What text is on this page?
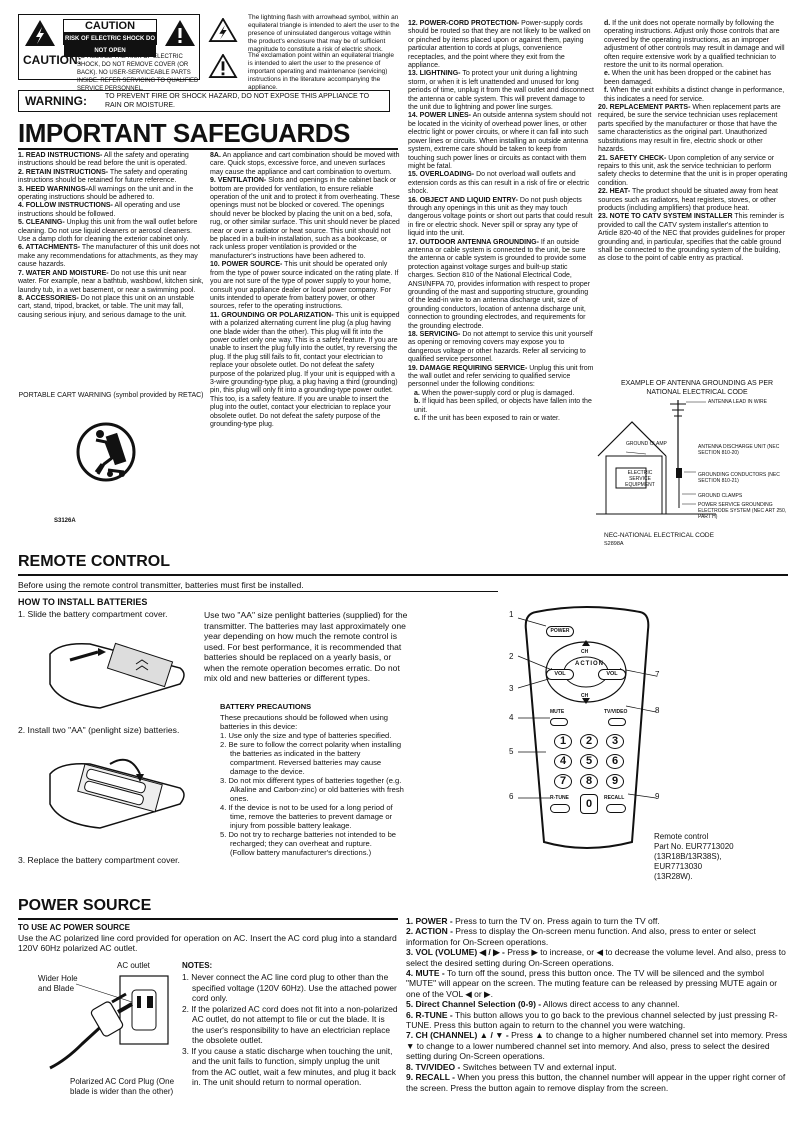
CAUTION
RISK OF ELECTRIC SHOCK DO NOT OPEN
CAUTION:
TO REDUCE THE RISK OF ELECTRIC SHOCK, DO NOT REMOVE COVER (OR BACK). NO USER-SERVICEABLE PARTS INSIDE. REFER SERVICING TO QUALIFIED SERVICE PERSONNEL.
The lightning flash with arrowhead symbol, within an equilateral triangle is intended to alert the user to the presence of uninsulated dangerous voltage within the product's enclosure that may be of sufficient magnitude to constitute a risk of electric shock.
The exclamation point within an equilateral triangle is intended to alert the user to the presence of important operating and maintenance (servicing) instructions in the literature accompanying the appliance.
WARNING:	TO PREVENT FIRE OR SHOCK HAZARD, DO NOT EXPOSE THIS APPLIANCE TO RAIN OR MOISTURE.
IMPORTANT SAFEGUARDS

1. READ INSTRUCTIONS- All the safety and operating instructions should be read before the unit is operated.

2. RETAIN INSTRUCTIONS- The safety and operating instructions should be retained for future reference.

3. HEED WARNINGS-All warnings on the unit and in the operating instructions should be adhered to.

4. FOLLOW INSTRUCTIONS- All operating and use instructions should be followed.

5. CLEANING- Unplug this unit from the wall outlet before cleaning. Do not use liquid cleaners or aerosol cleaners. Use a damp cloth for cleaning the exterior cabinet only.

6. ATTACHMENTS- The manufacturer of this unit does not make any recommendations for attachments, as they may cause hazards.

7. WATER AND MOISTURE- Do not use this unit near water. For example, near a bathtub, washbowl, kitchen sink, laundry tub, in a wet basement, or near a swimming pool.

8. ACCESSORIES- Do not place this unit on an unstable cart, stand, tripod, bracket, or table. The unit may fall, causing serious injury, and serious damage to the unit.

PORTABLE CART WARNING (symbol provided by RETAC)
S3126A

8A. An appliance and cart combination should be moved with care. Quick stops, excessive force, and uneven surfaces may cause the appliance and cart combination to overturn.

9. VENTILATION- Slots and openings in the cabinet back or bottom are provided for ventilation, to ensure reliable operation of the unit and to protect it from overheating. These openings must not be blocked or covered. The openings should never be blocked by placing the unit on a bed, sofa, rug, or other similar surface. This unit should never be placed near or over a radiator or heat source. This unit should not be placed in a built-in installation, such as a bookcase, or rack unless proper ventilation is provided or the manufacturer's instructions have been adhered to.

10. POWER SOURCE- This unit should be operated only from the type of power source indicated on the rating plate. If you are not sure of the type of power supply to your home, consult your appliance dealer or local power company. For units intended to operate from battery power, or other sources, refer to the operating instructions.

11. GROUNDING OR POLARIZATION- This unit is equipped with a polarized alternating current line plug (a plug having one blade wider than the other). This plug will fit into the power outlet only one way. This is a safety feature. If you are unable to insert the plug fully into the outlet, try reversing the plug. If the plug still fails to fit, contact your electrician to replace your obsolete outlet. Do not defeat the safety purpose of the polarized plug. If your unit is equipped with a 3-wire grounding-type plug, a plug having a third (grounding) pin, this plug will only fit into a grounding-type power outlet. This too, is a safety feature. If you are unable to insert the plug into the outlet, contact your electrician to replace your obsolete outlet. Do not defeat the safety purpose of the grounding-type plug.

12. POWER-CORD PROTECTION- Power-supply cords should be routed so that they are not likely to be walked on or pinched by items placed upon or against them, paying particular attention to cords at plugs, convenience receptacles, and the point where they exit from the appliance.

13. LIGHTNING- To protect your unit during a lightning storm, or when it is left unattended and unused for long periods of time, unplug it from the wall outlet and disconnect the antenna or cable system. This will prevent damage to the unit due to lightning and power line surges.

14. POWER LINES- An outside antenna system should not be located in the vicinity of overhead power lines, or other electric light or power circuits, or where it can fall into such power lines or circuits. When installing an outside antenna system, extreme care should be taken to keep from touching such power lines or circuits as contact with them might be fatal.

15. OVERLOADING- Do not overload wall outlets and extension cords as this can result in a risk of fire or electric shock.

16. OBJECT AND LIQUID ENTRY- Do not push objects through any openings in this unit as they may touch dangerous voltage points or short out parts that could result in fire or electric shock. Never spill or spray any type of liquid into the unit.

17. OUTDOOR ANTENNA GROUNDING- If an outside antenna or cable system is connected to the unit, be sure the antenna or cable system is grounded to provide some protection against voltage surges and built-up static charges. Section 810 of the National Electrical Code, ANSI/NFPA 70, provides information with respect to proper grounding of the mast and supporting structure, grounding of the lead-in wire to an antenna discharge unit, size of grounding conductors, location of antenna discharge unit, connection to grounding electrodes, and requirements for the grounding electrode.

18. SERVICING- Do not attempt to service this unit yourself as opening or removing covers may expose you to dangerous voltage or other hazards. Refer all servicing to qualified service personnel.

19. DAMAGE REQUIRING SERVICE- Unplug this unit from the wall outlet and refer servicing to qualified service personnel under the following conditions:

a. When the power-supply cord or plug is damaged.

b. If liquid has been spilled, or objects have fallen into the unit.

c. If the unit has been exposed to rain or water.

d. If the unit does not operate normally by following the operating instructions. Adjust only those controls that are covered by the operating instructions, as an improper adjustment of other controls may result in damage and will often require extensive work by a qualified technician to restore the unit to its normal operation.

e. When the unit has been dropped or the cabinet has been damaged.

f. When the unit exhibits a distinct change in performance, this indicates a need for service.

20. REPLACEMENT PARTS- When replacement parts are required, be sure the service technician uses replacement parts specified by the manufacturer or those that have the same characteristics as the original part. Unauthorized substitutions may result in fire, electric shock or other hazards.

21. SAFETY CHECK- Upon completion of any service or repairs to this unit, ask the service technician to perform safety checks to determine that the unit is in proper operating condition.

22. HEAT- The product should be situated away from heat sources such as radiators, heat registers, stoves, or other products (including amplifiers) that produce heat.

23. NOTE TO CATV SYSTEM INSTALLER This reminder is provided to call the CATV system installer's attention to Article 820-40 of the NEC that provides guidelines for proper grounding and, in particular, specifies that the cable ground shall be connected to the grounding system of the building, as close to the point of cable entry as practical.

EXAMPLE OF ANTENNA GROUNDING AS PER NATIONAL ELECTRICAL CODE
ANTENNA LEAD IN WIRE
GROUND CLAMP	ANTENNA DISCHARGE UNIT (NEC SECTION 810-20)
ELECTRIC SERVICE EQUIPMENT
GROUNDING CONDUCTORS (NEC SECTION 810-21)
GROUND CLAMPS
POWER SERVICE GROUNDING ELECTRODE SYSTEM (NEC ART 250, PART H)
NEC-NATIONAL ELECTRICAL CODE
S2898A
REMOTE CONTROL
Before using the remote control transmitter, batteries must first be installed.
HOW TO INSTALL BATTERIES
1. Slide the battery compartment cover.
2. Install two "AA" (penlight size) batteries.
3. Replace the battery compartment cover.
Use two "AA" size penlight batteries (supplied) for the transmitter. The batteries may last approximately one year depending on how much the remote control is used. For best performance, it is recommended that batteries should be replaced on a yearly basis, or when the remote operation becomes erratic. Do not mix old and new batteries or different types.
BATTERY PRECAUTIONS
These precautions should be followed when using batteries in this device:
1. Use only the size and type of batteries specified.
2. Be sure to follow the correct polarity when installing the batteries as indicated in the battery compartment. Reversed batteries may cause damage to the device.
3. Do not mix different types of batteries together (e.g. Alkaline and Carbon-zinc) or old batteries with fresh ones.
4. If the device is not to be used for a long period of time, remove the batteries to prevent damage or injury from possible battery leakage.
5. Do not try to recharge batteries not intended to be recharged; they can overheat and rupture.
(Follow battery manufacturer's directions.)
POWER
CH
ACTION
VOL	VOL
CH
MUTE	TV/VIDEO
1	2	3
4	5	6
7	8	9
0
R-TUNE	RECALL
1
2
3
4
5
6
7
8
9
Remote control
Part No. EUR7713020
(13R18B/13R38S),
EUR7713030
(13R28W).
POWER SOURCE
TO USE AC POWER SOURCE
Use the AC polarized line cord provided for operation on AC. Insert the AC cord plug into a standard 120V 60Hz polarized AC outlet.
AC outlet
Wider Hole and Blade
Polarized AC Cord Plug (One blade is wider than the other)
NOTES:
1. Never connect the AC line cord plug to other than the specified voltage (120V 60Hz). Use the attached power cord only.
2. If the polarized AC cord does not fit into a non-polarized AC outlet, do not attempt to file or cut the blade. It is the user's responsibility to have an electrician replace the obsolete outlet.
3. If you cause a static discharge when touching the unit, and the unit fails to function, simply unplug the unit from the AC outlet, wait a few minutes, and plug it back in. The unit should return to normal operation.

1. POWER - Press to turn the TV on. Press again to turn the TV off.

2. ACTION - Press to display the On-screen menu function. And also, press to enter or select information for On-Screen operations.

3. VOL (VOLUME) ◀ / ▶ - Press ▶ to increase, or ◀ to decrease the volume level. And also, press to select the desired setting during On-Screen operations.

4. MUTE - To turn off the sound, press this button once. The TV will be silenced and the symbol "MUTE" will appear on the screen. The muting feature can be released by pressing MUTE again or one of the VOL ◀ or ▶.

5. Direct Channel Selection (0-9) - Allows direct access to any channel.

6. R-TUNE - This button allows you to go back to the previous channel selected by just pressing R-TUNE. Press this button again to return to the channel you were watching.

7. CH (CHANNEL) ▲ / ▼ - Press ▲ to change to a higher numbered channel set into memory. Press ▼ to change to a lower numbered channel set into memory. And also, press to select the desired setting during On-Screen operations.

8. TV/VIDEO - Switches between TV and external input.

9. RECALL - When you press this button, the channel number will appear in the upper right corner of the screen. Press the button again to remove display from the screen.
